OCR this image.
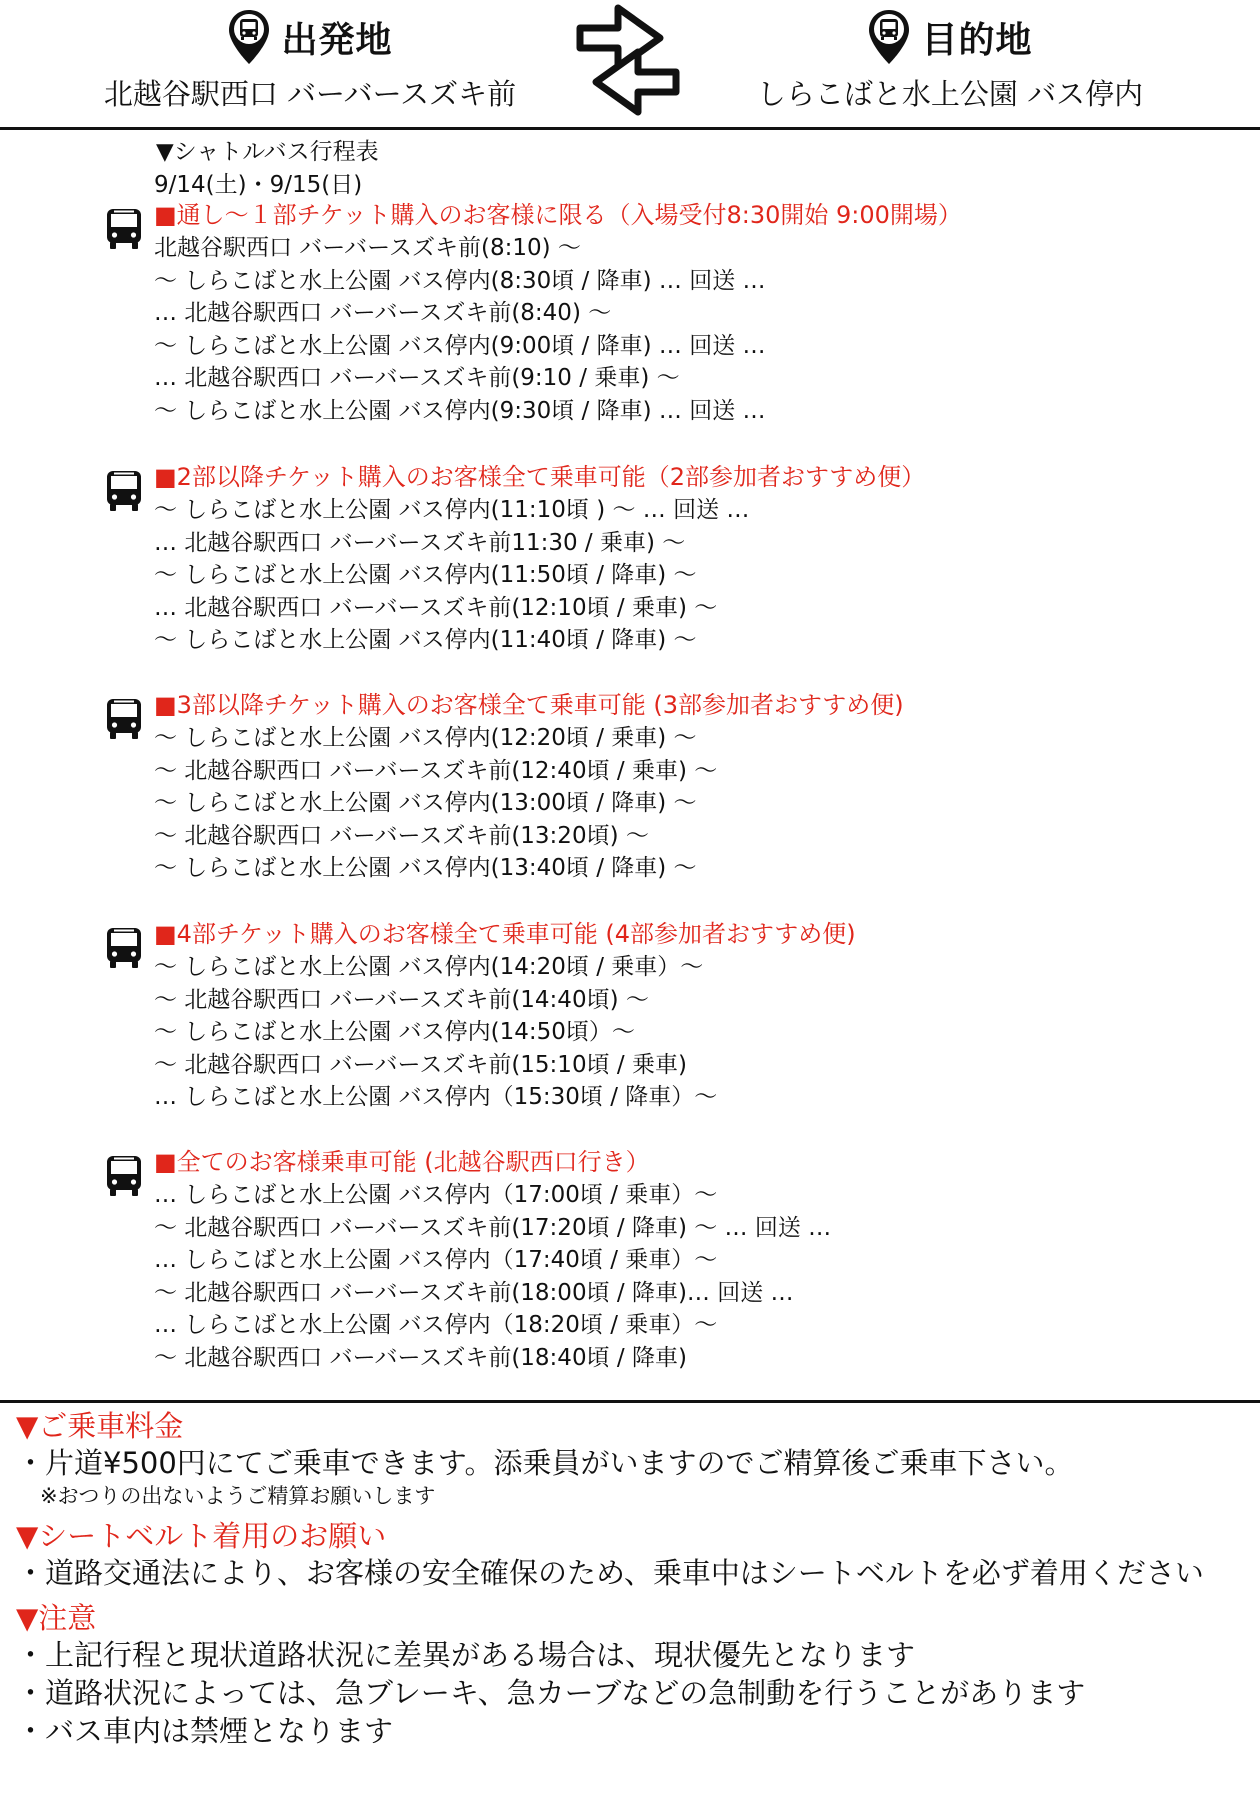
出発地
北越谷駅西口 バーバースズキ前
目的地
しらこばと水上公園 バス停内
▼シャトルバス行程表
9/14(土)・9/15(日)
■通し～１部チケット購入のお客様に限る（入場受付8:30開始 9:00開場）
北越谷駅西口 バーバースズキ前(8:10) 〜
〜 しらこばと水上公園 バス停内(8:30頃 / 降車) … 回送 …
… 北越谷駅西口 バーバースズキ前(8:40) 〜
〜 しらこばと水上公園 バス停内(9:00頃 / 降車) … 回送 …
… 北越谷駅西口 バーバースズキ前(9:10 / 乗車) 〜
〜 しらこばと水上公園 バス停内(9:30頃 / 降車) … 回送 …
■2部以降チケット購入のお客様全て乗車可能（2部参加者おすすめ便）
〜 しらこばと水上公園 バス停内(11:10頃 ) 〜 … 回送 …
… 北越谷駅西口 バーバースズキ前11:30 / 乗車) 〜
〜 しらこばと水上公園 バス停内(11:50頃 / 降車) 〜
… 北越谷駅西口 バーバースズキ前(12:10頃 / 乗車) 〜
〜 しらこばと水上公園 バス停内(11:40頃 / 降車) 〜
■3部以降チケット購入のお客様全て乗車可能 (3部参加者おすすめ便)
〜 しらこばと水上公園 バス停内(12:20頃 / 乗車) 〜
〜 北越谷駅西口 バーバースズキ前(12:40頃 / 乗車) 〜
〜 しらこばと水上公園 バス停内(13:00頃 / 降車) 〜
〜 北越谷駅西口 バーバースズキ前(13:20頃) 〜
〜 しらこばと水上公園 バス停内(13:40頃 / 降車) 〜
■4部チケット購入のお客様全て乗車可能 (4部参加者おすすめ便)
〜 しらこばと水上公園 バス停内(14:20頃 / 乗車）〜
〜 北越谷駅西口 バーバースズキ前(14:40頃) 〜
〜 しらこばと水上公園 バス停内(14:50頃）〜
〜 北越谷駅西口 バーバースズキ前(15:10頃 / 乗車)
… しらこばと水上公園 バス停内（15:30頃 / 降車）〜
■全てのお客様乗車可能 (北越谷駅西口行き）
… しらこばと水上公園 バス停内（17:00頃 / 乗車）〜
〜 北越谷駅西口 バーバースズキ前(17:20頃 / 降車) 〜 … 回送 …
… しらこばと水上公園 バス停内（17:40頃 / 乗車）〜
〜 北越谷駅西口 バーバースズキ前(18:00頃 / 降車)… 回送 …
… しらこばと水上公園 バス停内（18:20頃 / 乗車）〜
〜 北越谷駅西口 バーバースズキ前(18:40頃 / 降車)
▼ご乗車料金
・片道¥500円にてご乗車できます。添乗員がいますのでご精算後ご乗車下さい。
※おつりの出ないようご精算お願いします
▼シートベルト着用のお願い
・道路交通法により、お客様の安全確保のため、乗車中はシートベルトを必ず着用ください
▼注意
・上記行程と現状道路状況に差異がある場合は、現状優先となります
・道路状況によっては、急ブレーキ、急カーブなどの急制動を行うことがあります
・バス車内は禁煙となります
